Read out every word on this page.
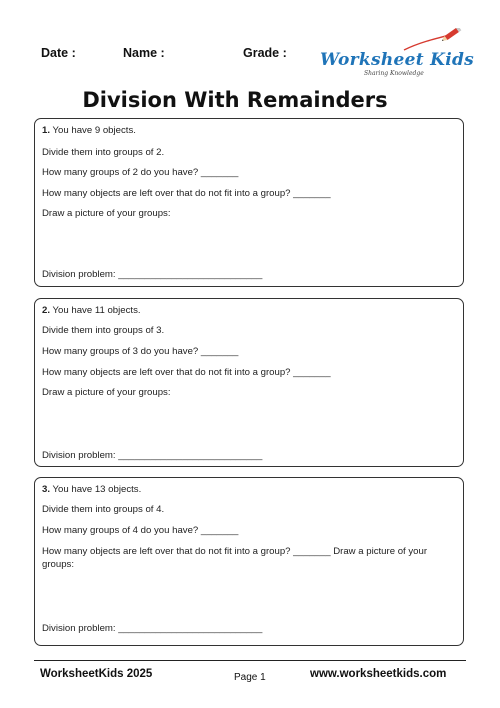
Date :	Name :	Grade : Worksheet Kids
Sharing Knowledge
Division With Remainders
1. You have 9 objects.
Divide them into groups of 2.
How many groups of 2 do you have? _______
How many objects are left over that do not fit into a group? _______
Draw a picture of your groups:
Division problem: ___________________________
2. You have 11 objects.
Divide them into groups of 3.
How many groups of 3 do you have? _______
How many objects are left over that do not fit into a group? _______
Draw a picture of your groups:
Division problem: ___________________________
3. You have 13 objects.
Divide them into groups of 4.
How many groups of 4 do you have? _______
How many objects are left over that do not fit into a group? _______ Draw a picture of your groups:
Division problem: ___________________________
WorksheetKids 2025	Page 1	www.worksheetkids.com
